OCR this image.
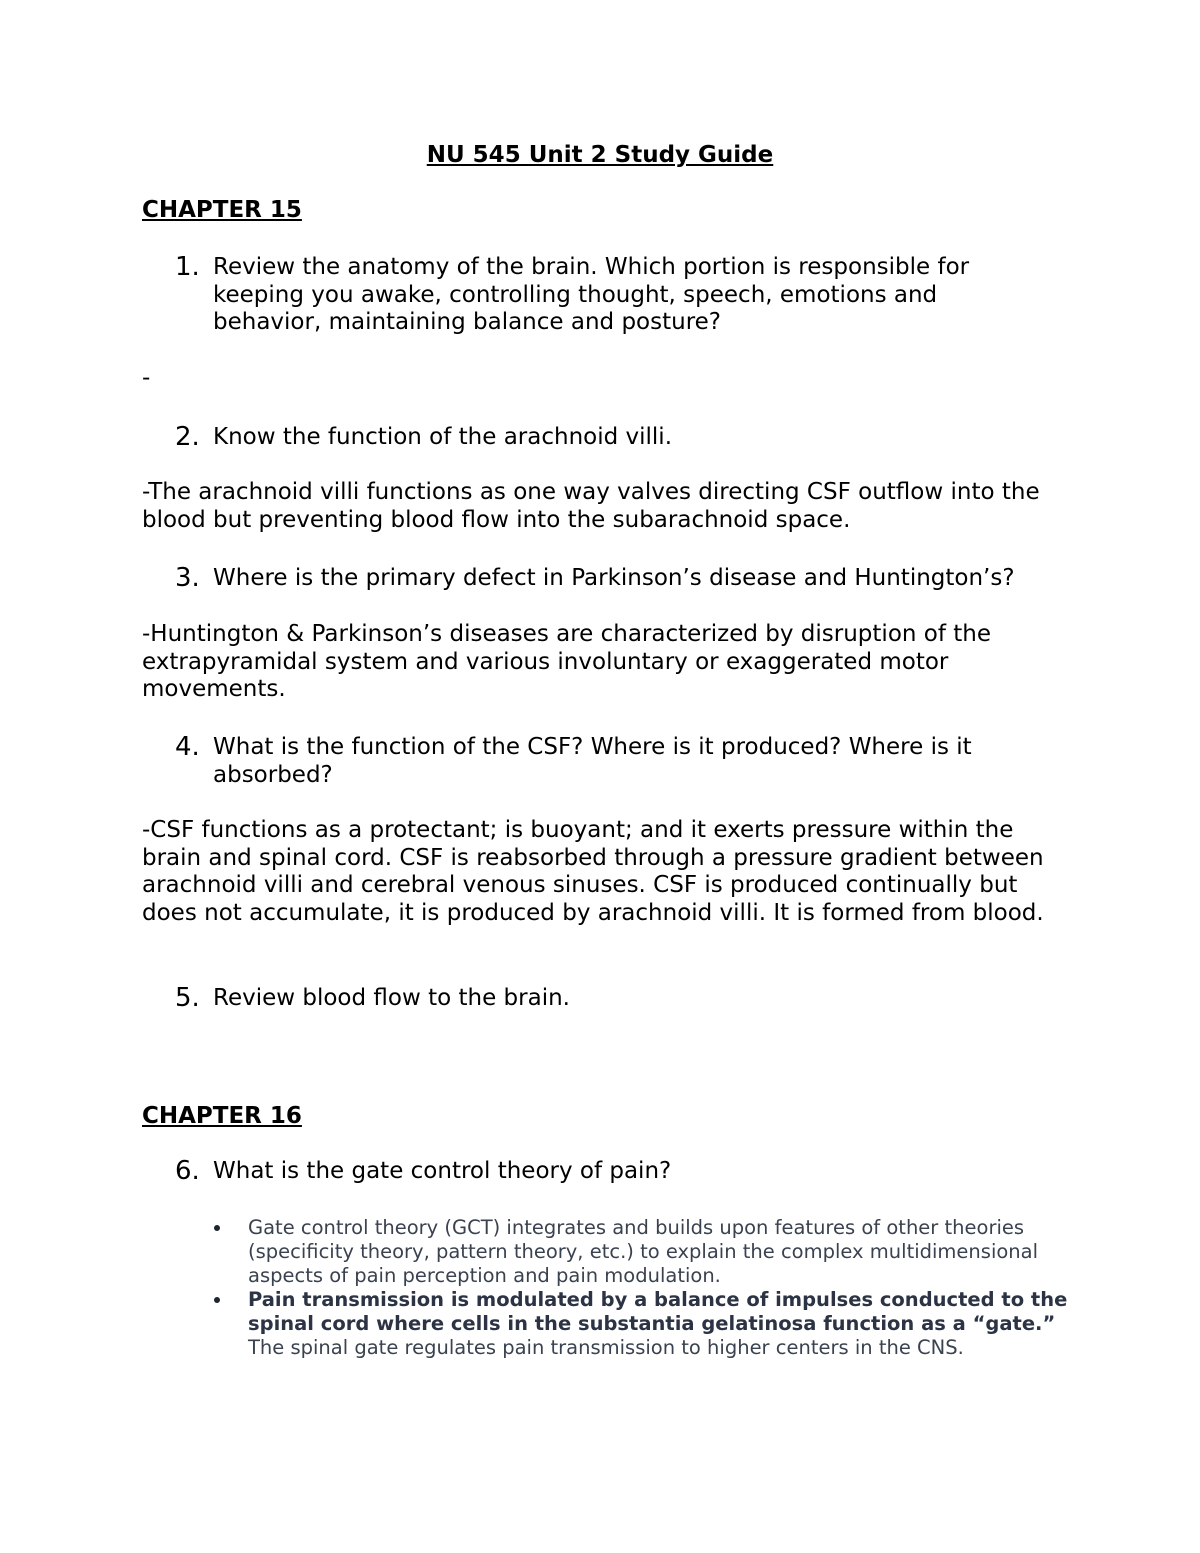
NU 545 Unit 2 Study Guide
CHAPTER 15
1. Review the anatomy of the brain. Which portion is responsible for keeping you awake, controlling thought, speech, emotions and behavior, maintaining balance and posture?
-
2. Know the function of the arachnoid villi.
-The arachnoid villi functions as one way valves directing CSF outflow into the blood but preventing blood flow into the subarachnoid space.
3. Where is the primary defect in Parkinson’s disease and Huntington’s?
-Huntington & Parkinson’s diseases are characterized by disruption of the extrapyramidal system and various involuntary or exaggerated motor movements.
4. What is the function of the CSF? Where is it produced? Where is it absorbed?
-CSF functions as a protectant; is buoyant; and it exerts pressure within the brain and spinal cord. CSF is reabsorbed through a pressure gradient between arachnoid villi and cerebral venous sinuses. CSF is produced continually but does not accumulate, it is produced by arachnoid villi. It is formed from blood.
5. Review blood flow to the brain.
CHAPTER 16
6. What is the gate control theory of pain?
Gate control theory (GCT) integrates and builds upon features of other theories (specificity theory, pattern theory, etc.) to explain the complex multidimensional aspects of pain perception and pain modulation.
Pain transmission is modulated by a balance of impulses conducted to the spinal cord where cells in the substantia gelatinosa function as a “gate.” The spinal gate regulates pain transmission to higher centers in the CNS.
